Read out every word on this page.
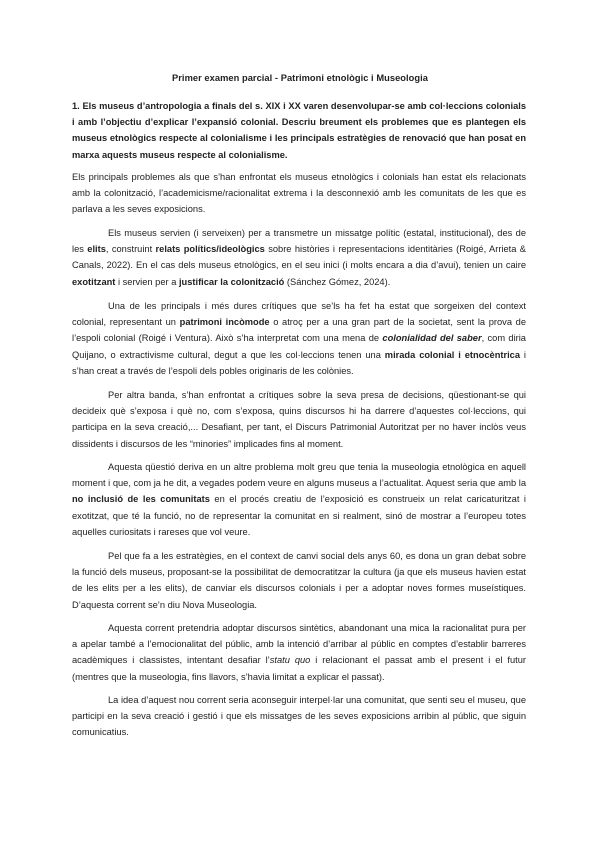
Primer examen parcial - Patrimoni etnològic i Museologia
1. Els museus d’antropologia a finals del s. XIX i XX varen desenvolupar-se amb col·leccions colonials i amb l’objectiu d’explicar l’expansió colonial. Descriu breument els problemes que es plantegen els museus etnològics respecte al colonialisme i les principals estratègies de renovació que han posat en marxa aquests museus respecte al colonialisme.
Els principals problemes als que s’han enfrontat els museus etnològics i colonials han estat els relacionats amb la colonització, l’academicisme/racionalitat extrema i la desconnexió amb les comunitats de les que es parlava a les seves exposicions.
Els museus servien (i serveixen) per a transmetre un missatge polític (estatal, institucional), des de les elits, construint relats polítics/ideològics sobre històries i representacions identitàries (Roigé, Arrieta & Canals, 2022). En el cas dels museus etnològics, en el seu inici (i molts encara a dia d’avui), tenien un caire exotitzant i servien per a justificar la colonització (Sánchez Gómez, 2024).
Una de les principals i més dures crítiques que se’ls ha fet ha estat que sorgeixen del context colonial, representant un patrimoni incòmode o atroç per a una gran part de la societat, sent la prova de l’espoli colonial (Roigé i Ventura). Això s’ha interpretat com una mena de colonialidad del saber, com diria Quijano, o extractivisme cultural, degut a que les col·leccions tenen una mirada colonial i etnocèntrica i s’han creat a través de l’espoli dels pobles originaris de les colònies.
Per altra banda, s’han enfrontat a crítiques sobre la seva presa de decisions, qüestionant-se qui decideix què s’exposa i què no, com s’exposa, quins discursos hi ha darrere d’aquestes col·leccions, qui participa en la seva creació,... Desafiant, per tant, el Discurs Patrimonial Autoritzat per no haver inclòs veus dissidents i discursos de les “minories” implicades fins al moment.
Aquesta qüestió deriva en un altre problema molt greu que tenia la museologia etnològica en aquell moment i que, com ja he dit, a vegades podem veure en alguns museus a l’actualitat. Aquest seria que amb la no inclusió de les comunitats en el procés creatiu de l’exposició es construeix un relat caricaturitzat i exotitzat, que té la funció, no de representar la comunitat en si realment, sinó de mostrar a l’europeu totes aquelles curiositats i rareses que vol veure.
Pel que fa a les estratègies, en el context de canvi social dels anys 60, es dona un gran debat sobre la funció dels museus, proposant-se la possibilitat de democratitzar la cultura (ja que els museus havien estat de les elits per a les elits), de canviar els discursos colonials i per a adoptar noves formes museístiques. D’aquesta corrent se’n diu Nova Museologia.
Aquesta corrent pretendria adoptar discursos sintètics, abandonant una mica la racionalitat pura per a apelar també a l’emocionalitat del públic, amb la intenció d’arribar al públic en comptes d’establir barreres acadèmiques i classistes, intentant desafiar l’statu quo i relacionant el passat amb el present i el futur (mentres que la museologia, fins llavors, s’havia limitat a explicar el passat).
La idea d’aquest nou corrent seria aconseguir interpel·lar una comunitat, que senti seu el museu, que participi en la seva creació i gestió i que els missatges de les seves exposicions arribin al públic, que siguin comunicatius.
